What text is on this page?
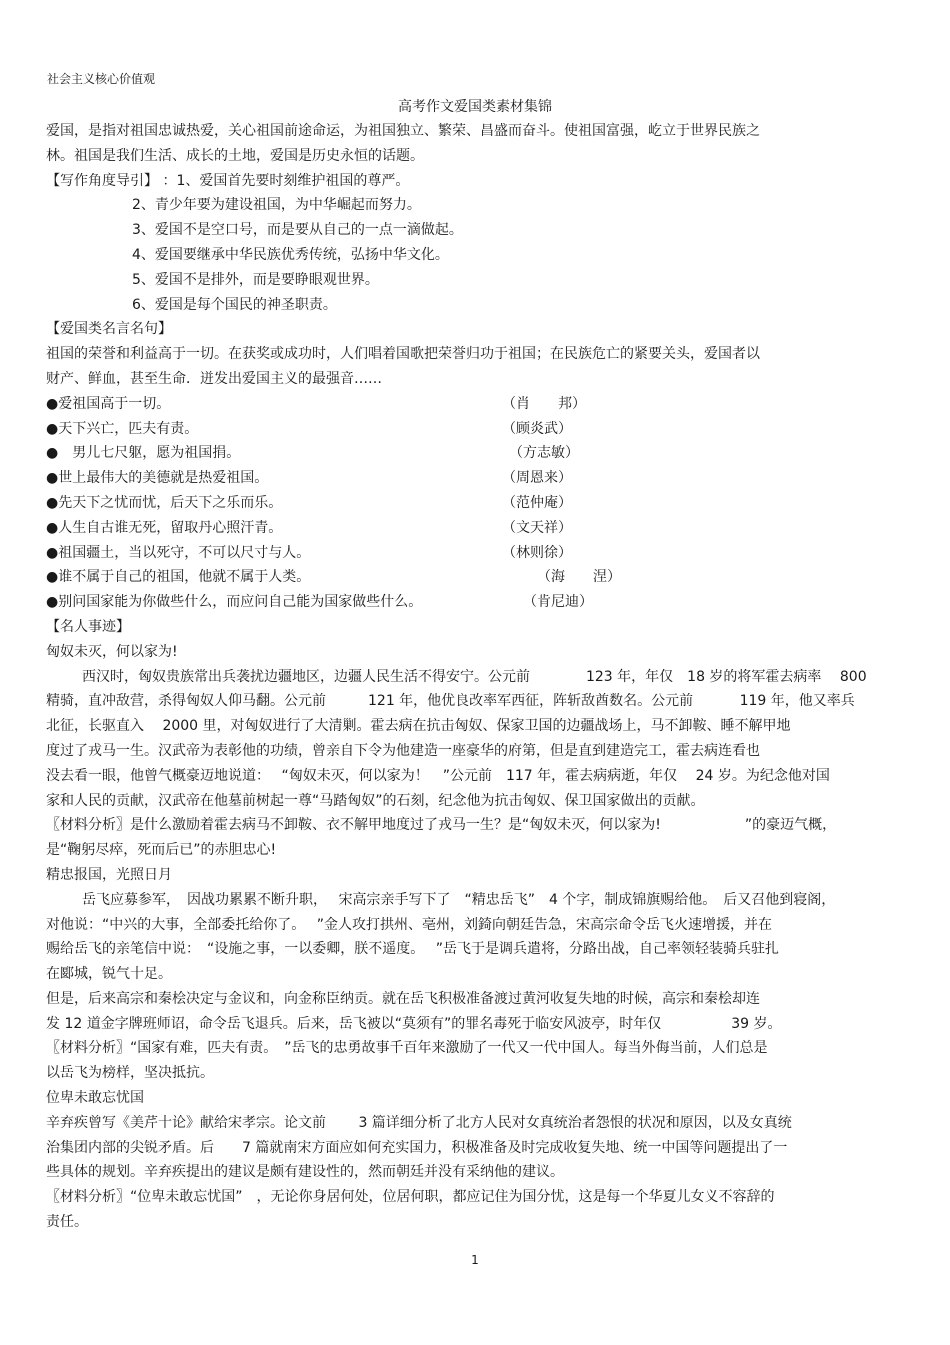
社会主义核心价值观
高考作文爱国类素材集锦
爱国，是指对祖国忠诚热爱，关心祖国前途命运，为祖国独立、繁荣、昌盛而奋斗。使祖国富强，屹立于世界民族之
林。祖国是我们生活、成长的土地，爱国是历史永恒的话题。
【写作角度导引】 ：1、爱国首先要时刻维护祖国的尊严。
2、青少年要为建设祖国，为中华崛起而努力。
3、爱国不是空口号，而是要从自己的一点一滴做起。
4、爱国要继承中华民族优秀传统，弘扬中华文化。
5、爱国不是排外，而是要睁眼观世界。
6、爱国是每个国民的神圣职责。
【爱国类名言名句】
祖国的荣誉和利益高于一切。在获奖或成功时，人们唱着国歌把荣誉归功于祖国；在民族危亡的紧要关头，爱国者以
财产、鲜血，甚至生命．迸发出爱国主义的最强音……
●爱祖国高于一切。	（肖　　邦）
●天下兴亡，匹夫有责。	（顾炎武）
●　男儿七尺躯，愿为祖国捐。	　（方志敏）
●世上最伟大的美德就是热爱祖国。	（周恩来）
●先天下之忧而忧，后天下之乐而乐。	（范仲庵）
●人生自古谁无死，留取丹心照汗青。	（文天祥）
●祖国疆土，当以死守，不可以尺寸与人。	（林则徐）
●谁不属于自己的祖国，他就不属于人类。	　　　（海　　涅）
●别问国家能为你做些什么，而应问自己能为国家做些什么。	　　（肯尼迪）
【名人事迹】
匈奴未灭，何以家为!
西汉时，匈奴贵族常出兵袭扰边疆地区，边疆人民生活不得安宁。公元前　　　　123 年，年仅　18 岁的将军霍去病率　 800
精骑，直冲敌营，杀得匈奴人仰马翻。公元前　　　121 年，他优良改率军西征，阵斩敌酋数名。公元前　　　 119 年，他又率兵
北征，长驱直入　 2000 里，对匈奴进行了大清剿。霍去病在抗击匈奴、保家卫国的边疆战场上，马不卸鞍、睡不解甲地
度过了戎马一生。汉武帝为表彰他的功绩，曾亲自下令为他建造一座豪华的府第，但是直到建造完工，霍去病连看也
没去看一眼，他曾气概豪迈地说道：　 “匈奴未灭，何以家为！　”公元前　117 年，霍去病病逝，年仅　 24 岁。为纪念他对国
家和人民的贡献，汉武帝在他墓前树起一尊“马踏匈奴”的石刻，纪念他为抗击匈奴、保卫国家做出的贡献。
〖材料分析〗是什么激励着霍去病马不卸鞍、衣不解甲地度过了戎马一生？是“匈奴未灭，何以家为!　　　　　　”的豪迈气概，
是“鞠躬尽瘁，死而后已”的赤胆忠心!
精忠报国，光照日月
岳飞应募参军，　因战功累累不断升职，　 宋高宗亲手写下了　“精忠岳飞”　4 个字，制成锦旗赐给他。　后又召他到寝阁，
对他说：“中兴的大事，全部委托给你了。　 ”金人攻打拱州、亳州，刘錡向朝廷告急，宋高宗命令岳飞火速增援，并在
赐给岳飞的亲笔信中说：　“设施之事，一以委卿，朕不遥度。　 ”岳飞于是调兵遣将，分路出战，自己率领轻装骑兵驻扎
在郾城，锐气十足。
但是，后来高宗和秦桧决定与金议和，向金称臣纳贡。就在岳飞积极准备渡过黄河收复失地的时候，高宗和秦桧却连
发 12 道金字牌班师诏，命令岳飞退兵。后来，岳飞被以“莫须有”的罪名毒死于临安风波亭，时年仅　　　　　39 岁。
〖材料分析〗“国家有难，匹夫有责。　”岳飞的忠勇故事千百年来激励了一代又一代中国人。每当外侮当前，人们总是
以岳飞为榜样，坚决抵抗。
位卑未敢忘忧国
辛弃疾曾写《美芹十论》献给宋孝宗。论文前　　 3 篇详细分析了北方人民对女真统治者怨恨的状况和原因，以及女真统
治集团内部的尖锐矛盾。后　　7 篇就南宋方面应如何充实国力，积极准备及时完成收复失地、统一中国等问题提出了一
些具体的规划。辛弃疾提出的建议是颇有建设性的，然而朝廷并没有采纳他的建议。
〖材料分析〗“位卑未敢忘忧国”　，无论你身居何处，位居何职，都应记住为国分忧，这是每一个华夏儿女义不容辞的
责任。
1
